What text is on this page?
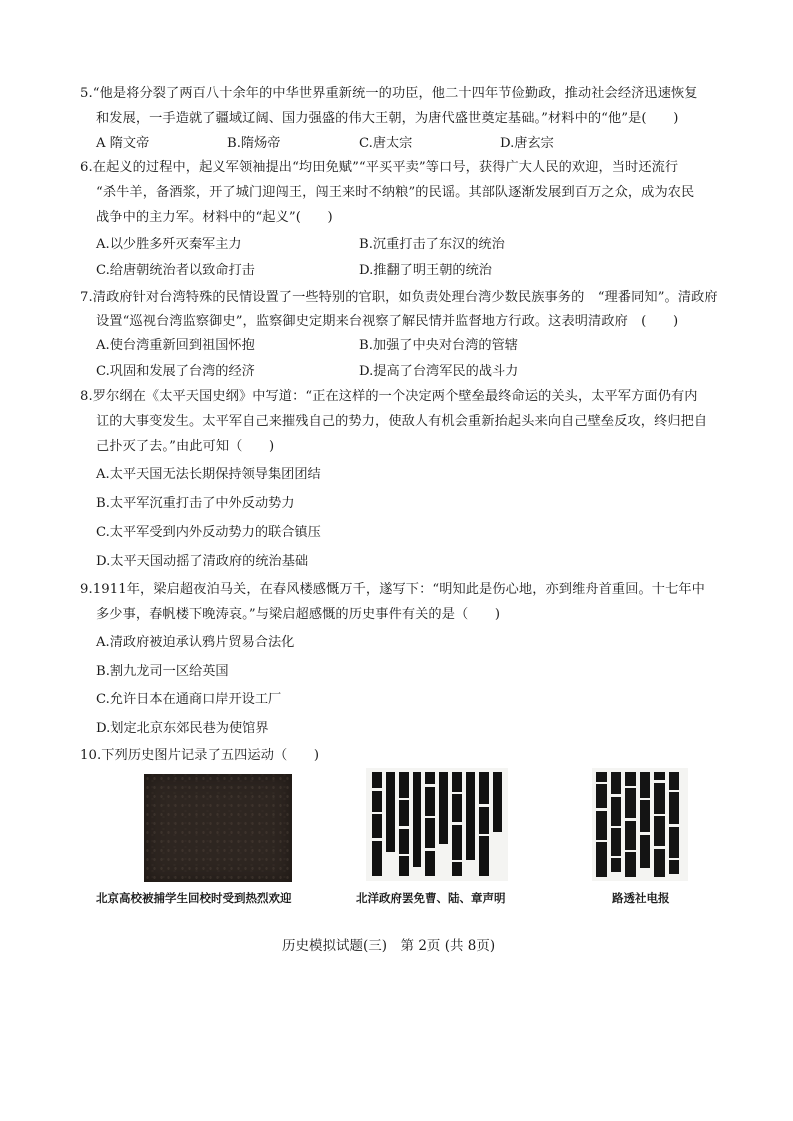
5.“他是将分裂了两百八十余年的中华世界重新统一的功臣，他二十四年节俭勤政，推动社会经济迅速恢复
和发展，一手造就了疆域辽阔、国力强盛的伟大王朝，为唐代盛世奠定基础。”材料中的“他”是(　　)
A 隋文帝	B.隋炀帝	C.唐太宗	D.唐玄宗
6.在起义的过程中，起义军领袖提出“均田免赋”“平买平卖”等口号，获得广大人民的欢迎，当时还流行
“杀牛羊，备酒浆，开了城门迎闯王，闯王来时不纳粮”的民谣。其部队逐渐发展到百万之众，成为农民
战争中的主力军。材料中的“起义”(　　)
A.以少胜多歼灭秦军主力	B.沉重打击了东汉的统治
C.给唐朝统治者以致命打击	D.推翻了明王朝的统治
7.清政府针对台湾特殊的民情设置了一些特别的官职，如负责处理台湾少数民族事务的　“理番同知”。清政府
设置“巡视台湾监察御史”，监察御史定期来台视察了解民情并监督地方行政。这表明清政府　(　　)
A.使台湾重新回到祖国怀抱	B.加强了中央对台湾的管辖
C.巩固和发展了台湾的经济	D.提高了台湾军民的战斗力
8.罗尔纲在《太平天国史纲》中写道：“正在这样的一个决定两个壁垒最终命运的关头，太平军方面仍有内
讧的大事变发生。太平军自己来摧残自己的势力，使敌人有机会重新抬起头来向自己壁垒反攻，终归把自
己扑灭了去。”由此可知（　　)
A.太平天国无法长期保持领导集团团结
B.太平军沉重打击了中外反动势力
C.太平军受到内外反动势力的联合镇压
D.太平天国动摇了清政府的统治基础
9.1911年，梁启超夜泊马关，在春风楼感慨万千，遂写下：“明知此是伤心地，亦到维舟首重回。十七年中
多少事，春帆楼下晚涛哀。”与梁启超感慨的历史事件有关的是（　　)
A.清政府被迫承认鸦片贸易合法化
B.割九龙司一区给英国
C.允许日本在通商口岸开设工厂
D.划定北京东郊民巷为使馆界
10.下列历史图片记录了五四运动（　　)
北京高校被捕学生回校时受到热烈欢迎	北洋政府罢免曹、陆、章声明	路透社电报
历史模拟试题(三)　第 2页 (共 8页)
